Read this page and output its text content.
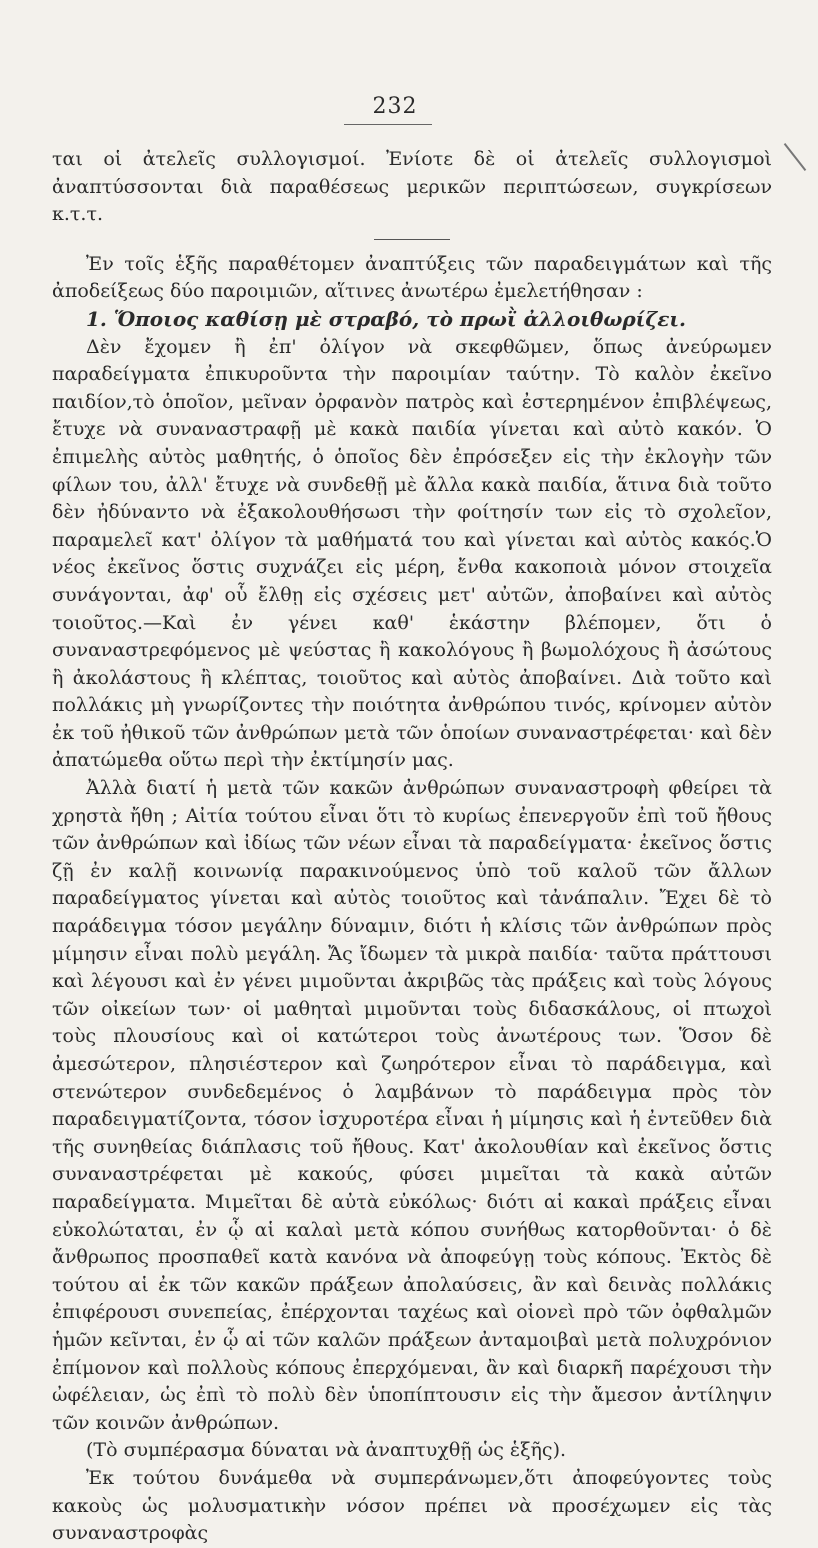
232

ται οἱ ἀτελεῖς συλλογισμοί. Ἐνίοτε δὲ οἱ ἀτελεῖς συλλογισμοὶ ἀναπτύσσονται διὰ παραθέσεως μερικῶν περιπτώσεων, συγκρίσεων κ.τ.τ.

Ἐν τοῖς ἑξῆς παραθέτομεν ἀναπτύξεις τῶν παραδειγμάτων καὶ τῆς ἀποδείξεως δύο παροιμιῶν, αἵτινες ἀνωτέρω ἐμελετήθησαν :

1. Ὅποιος καθίσῃ μὲ στραβό, τὸ πρωῒ ἀλλοιθωρίζει.

Δὲν ἔχομεν ἢ ἐπ' ὀλίγον νὰ σκεφθῶμεν, ὅπως ἀνεύρωμεν παραδείγματα ἐπικυροῦντα τὴν παροιμίαν ταύτην. Τὸ καλὸν ἐκεῖνο παιδίον,τὸ ὁποῖον, μεῖναν ὀρφανὸν πατρὸς καὶ ἐστερημένον ἐπιβλέψεως, ἔτυχε νὰ συναναστραφῇ μὲ κακὰ παιδία γίνεται καὶ αὐτὸ κακόν. Ὁ ἐπιμελὴς αὐτὸς μαθητής, ὁ ὁποῖος δὲν ἐπρόσεξεν εἰς τὴν ἐκλογὴν τῶν φίλων του, ἀλλ' ἔτυχε νὰ συνδεθῇ μὲ ἄλλα κακὰ παιδία, ἅτινα διὰ τοῦτο δὲν ἠδύναντο νὰ ἐξακολουθήσωσι τὴν φοίτησίν των εἰς τὸ σχολεῖον, παραμελεῖ κατ' ὀλίγον τὰ μαθήματά του καὶ γίνεται καὶ αὐτὸς κακός.Ὁ νέος ἐκεῖνος ὅστις συχνάζει εἰς μέρη, ἔνθα κακοποιὰ μόνον στοιχεῖα συνάγονται, ἀφ' οὗ ἔλθῃ εἰς σχέσεις μετ' αὐτῶν, ἀποβαίνει καὶ αὐτὸς τοιοῦτος.—Καὶ ἐν γένει καθ' ἑκάστην βλέπομεν, ὅτι ὁ συναναστρεφόμενος μὲ ψεύστας ἢ κακολόγους ἢ βωμολόχους ἢ ἀσώτους ἢ ἀκολάστους ἢ κλέπτας, τοιοῦτος καὶ αὐτὸς ἀποβαίνει. Διὰ τοῦτο καὶ πολλάκις μὴ γνωρίζοντες τὴν ποιότητα ἀνθρώπου τινός, κρίνομεν αὐτὸν ἐκ τοῦ ἠθικοῦ τῶν ἀνθρώπων μετὰ τῶν ὁποίων συναναστρέφεται· καὶ δὲν ἀπατώμεθα οὕτω περὶ τὴν ἐκτίμησίν μας.

Ἀλλὰ διατί ἡ μετὰ τῶν κακῶν ἀνθρώπων συναναστροφὴ φθείρει τὰ χρηστὰ ἤθη ; Αἰτία τούτου εἶναι ὅτι τὸ κυρίως ἐπενεργοῦν ἐπὶ τοῦ ἤθους τῶν ἀνθρώπων καὶ ἰδίως τῶν νέων εἶναι τὰ παραδείγματα· ἐκεῖνος ὅστις ζῇ ἐν καλῇ κοινωνίᾳ παρακινούμενος ὑπὸ τοῦ καλοῦ τῶν ἄλλων παραδείγματος γίνεται καὶ αὐτὸς τοιοῦτος καὶ τἀνάπαλιν. Ἔχει δὲ τὸ παράδειγμα τόσον μεγάλην δύναμιν, διότι ἡ κλίσις τῶν ἀνθρώπων πρὸς μίμησιν εἶναι πολὺ μεγάλη. Ἄς ἴδωμεν τὰ μικρὰ παιδία· ταῦτα πράττουσι καὶ λέγουσι καὶ ἐν γένει μιμοῦνται ἀκριβῶς τὰς πράξεις καὶ τοὺς λόγους τῶν οἰκείων των· οἱ μαθηταὶ μιμοῦνται τοὺς διδασκάλους, οἱ πτωχοὶ τοὺς πλουσίους καὶ οἱ κατώτεροι τοὺς ἀνωτέρους των. Ὅσον δὲ ἀμεσώτερον, πλησιέστερον καὶ ζωηρότερον εἶναι τὸ παράδειγμα, καὶ στενώτερον συνδεδεμένος ὁ λαμβάνων τὸ παράδειγμα πρὸς τὸν παραδειγματίζοντα, τόσον ἰσχυροτέρα εἶναι ἡ μίμησις καὶ ἡ ἐντεῦθεν διὰ τῆς συνηθείας διάπλασις τοῦ ἤθους. Κατ' ἀκολουθίαν καὶ ἐκεῖνος ὅστις συναναστρέφεται μὲ κακούς, φύσει μιμεῖται τὰ κακὰ αὐτῶν παραδείγματα. Μιμεῖται δὲ αὐτὰ εὐκόλως· διότι αἱ κακαὶ πράξεις εἶναι εὐκολώταται, ἐν ᾧ αἱ καλαὶ μετὰ κόπου συνήθως κατορθοῦνται· ὁ δὲ ἄνθρωπος προσπαθεῖ κατὰ κανόνα νὰ ἀποφεύγῃ τοὺς κόπους. Ἐκτὸς δὲ τούτου αἱ ἐκ τῶν κακῶν πράξεων ἀπολαύσεις, ἂν καὶ δεινὰς πολλάκις ἐπιφέρουσι συνεπείας, ἐπέρχονται ταχέως καὶ οἱονεὶ πρὸ τῶν ὀφθαλμῶν ἡμῶν κεῖνται, ἐν ᾧ αἱ τῶν καλῶν πράξεων ἀνταμοιβαὶ μετὰ πολυχρόνιον ἐπίμονον καὶ πολλοὺς κόπους ἐπερχόμεναι, ἂν καὶ διαρκῆ παρέχουσι τὴν ὠφέλειαν, ὡς ἐπὶ τὸ πολὺ δὲν ὑποπίπτουσιν εἰς τὴν ἄμεσον ἀντίληψιν τῶν κοινῶν ἀνθρώπων.

(Τὸ συμπέρασμα δύναται νὰ ἀναπτυχθῇ ὡς ἑξῆς).

Ἐκ τούτου δυνάμεθα νὰ συμπεράνωμεν,ὅτι ἀποφεύγοντες τοὺς κακοὺς ὡς μολυσματικὴν νόσον πρέπει νὰ προσέχωμεν εἰς τὰς συναναστροφὰς
